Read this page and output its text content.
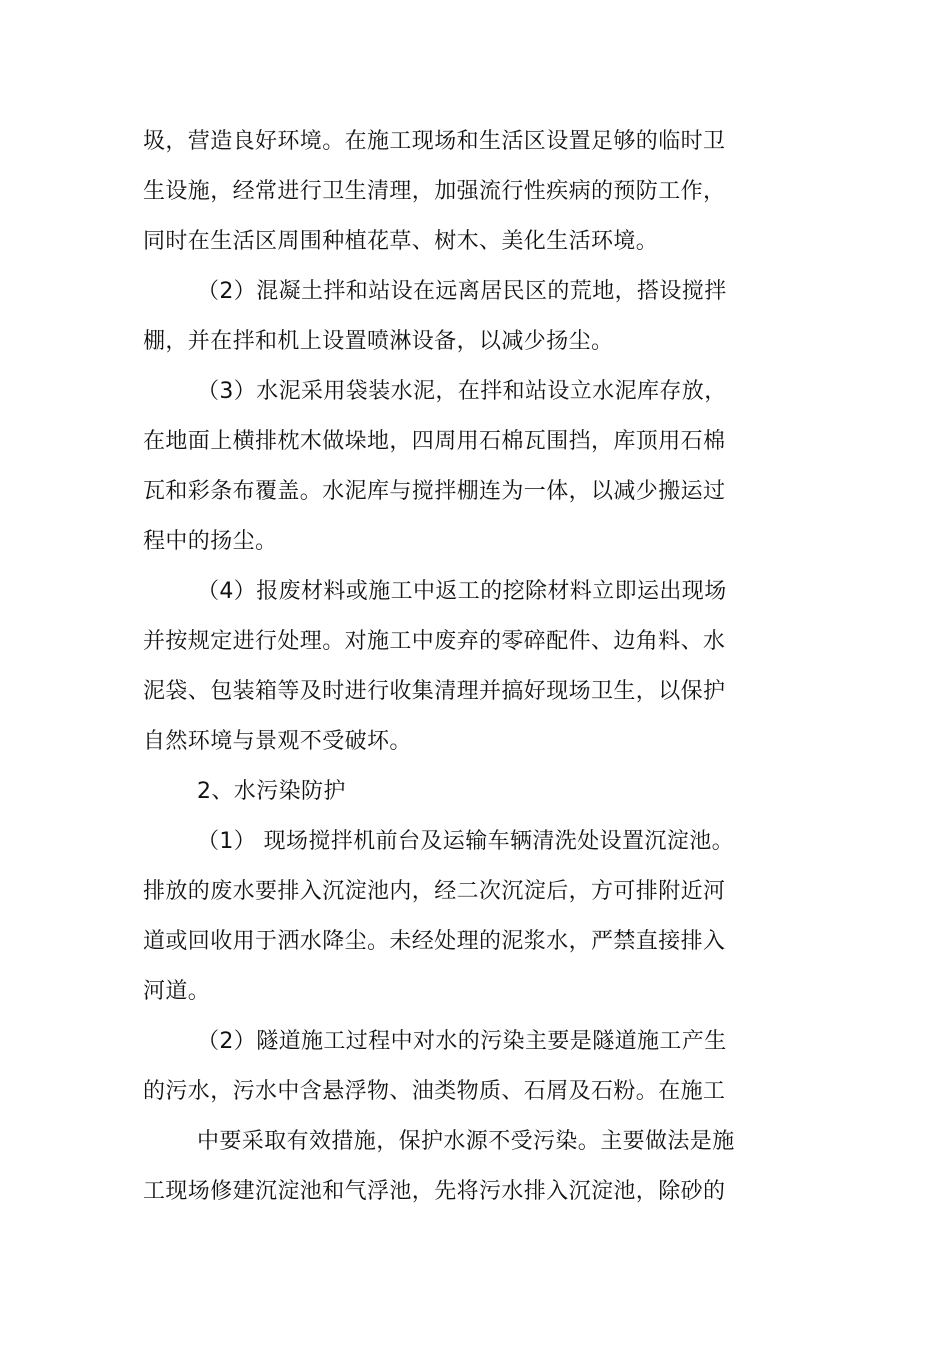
圾，营造良好环境。在施工现场和生活区设置足够的临时卫
生设施，经常进行卫生清理，加强流行性疾病的预防工作，
同时在生活区周围种植花草、树木、美化生活环境。
（2）混凝土拌和站设在远离居民区的荒地，搭设搅拌
棚，并在拌和机上设置喷淋设备，以减少扬尘。
（3）水泥采用袋装水泥，在拌和站设立水泥库存放，
在地面上横排枕木做垛地，四周用石棉瓦围挡，库顶用石棉
瓦和彩条布覆盖。水泥库与搅拌棚连为一体，以减少搬运过
程中的扬尘。
（4）报废材料或施工中返工的挖除材料立即运出现场
并按规定进行处理。对施工中废弃的零碎配件、边角料、水
泥袋、包装箱等及时进行收集清理并搞好现场卫生，以保护
自然环境与景观不受破坏。
2、水污染防护
（1） 现场搅拌机前台及运输车辆清洗处设置沉淀池。
排放的废水要排入沉淀池内，经二次沉淀后，方可排附近河
道或回收用于洒水降尘。未经处理的泥浆水，严禁直接排入
河道。
（2）隧道施工过程中对水的污染主要是隧道施工产生
的污水，污水中含悬浮物、油类物质、石屑及石粉。在施工
中要采取有效措施，保护水源不受污染。主要做法是施
工现场修建沉淀池和气浮池，先将污水排入沉淀池，除砂的
